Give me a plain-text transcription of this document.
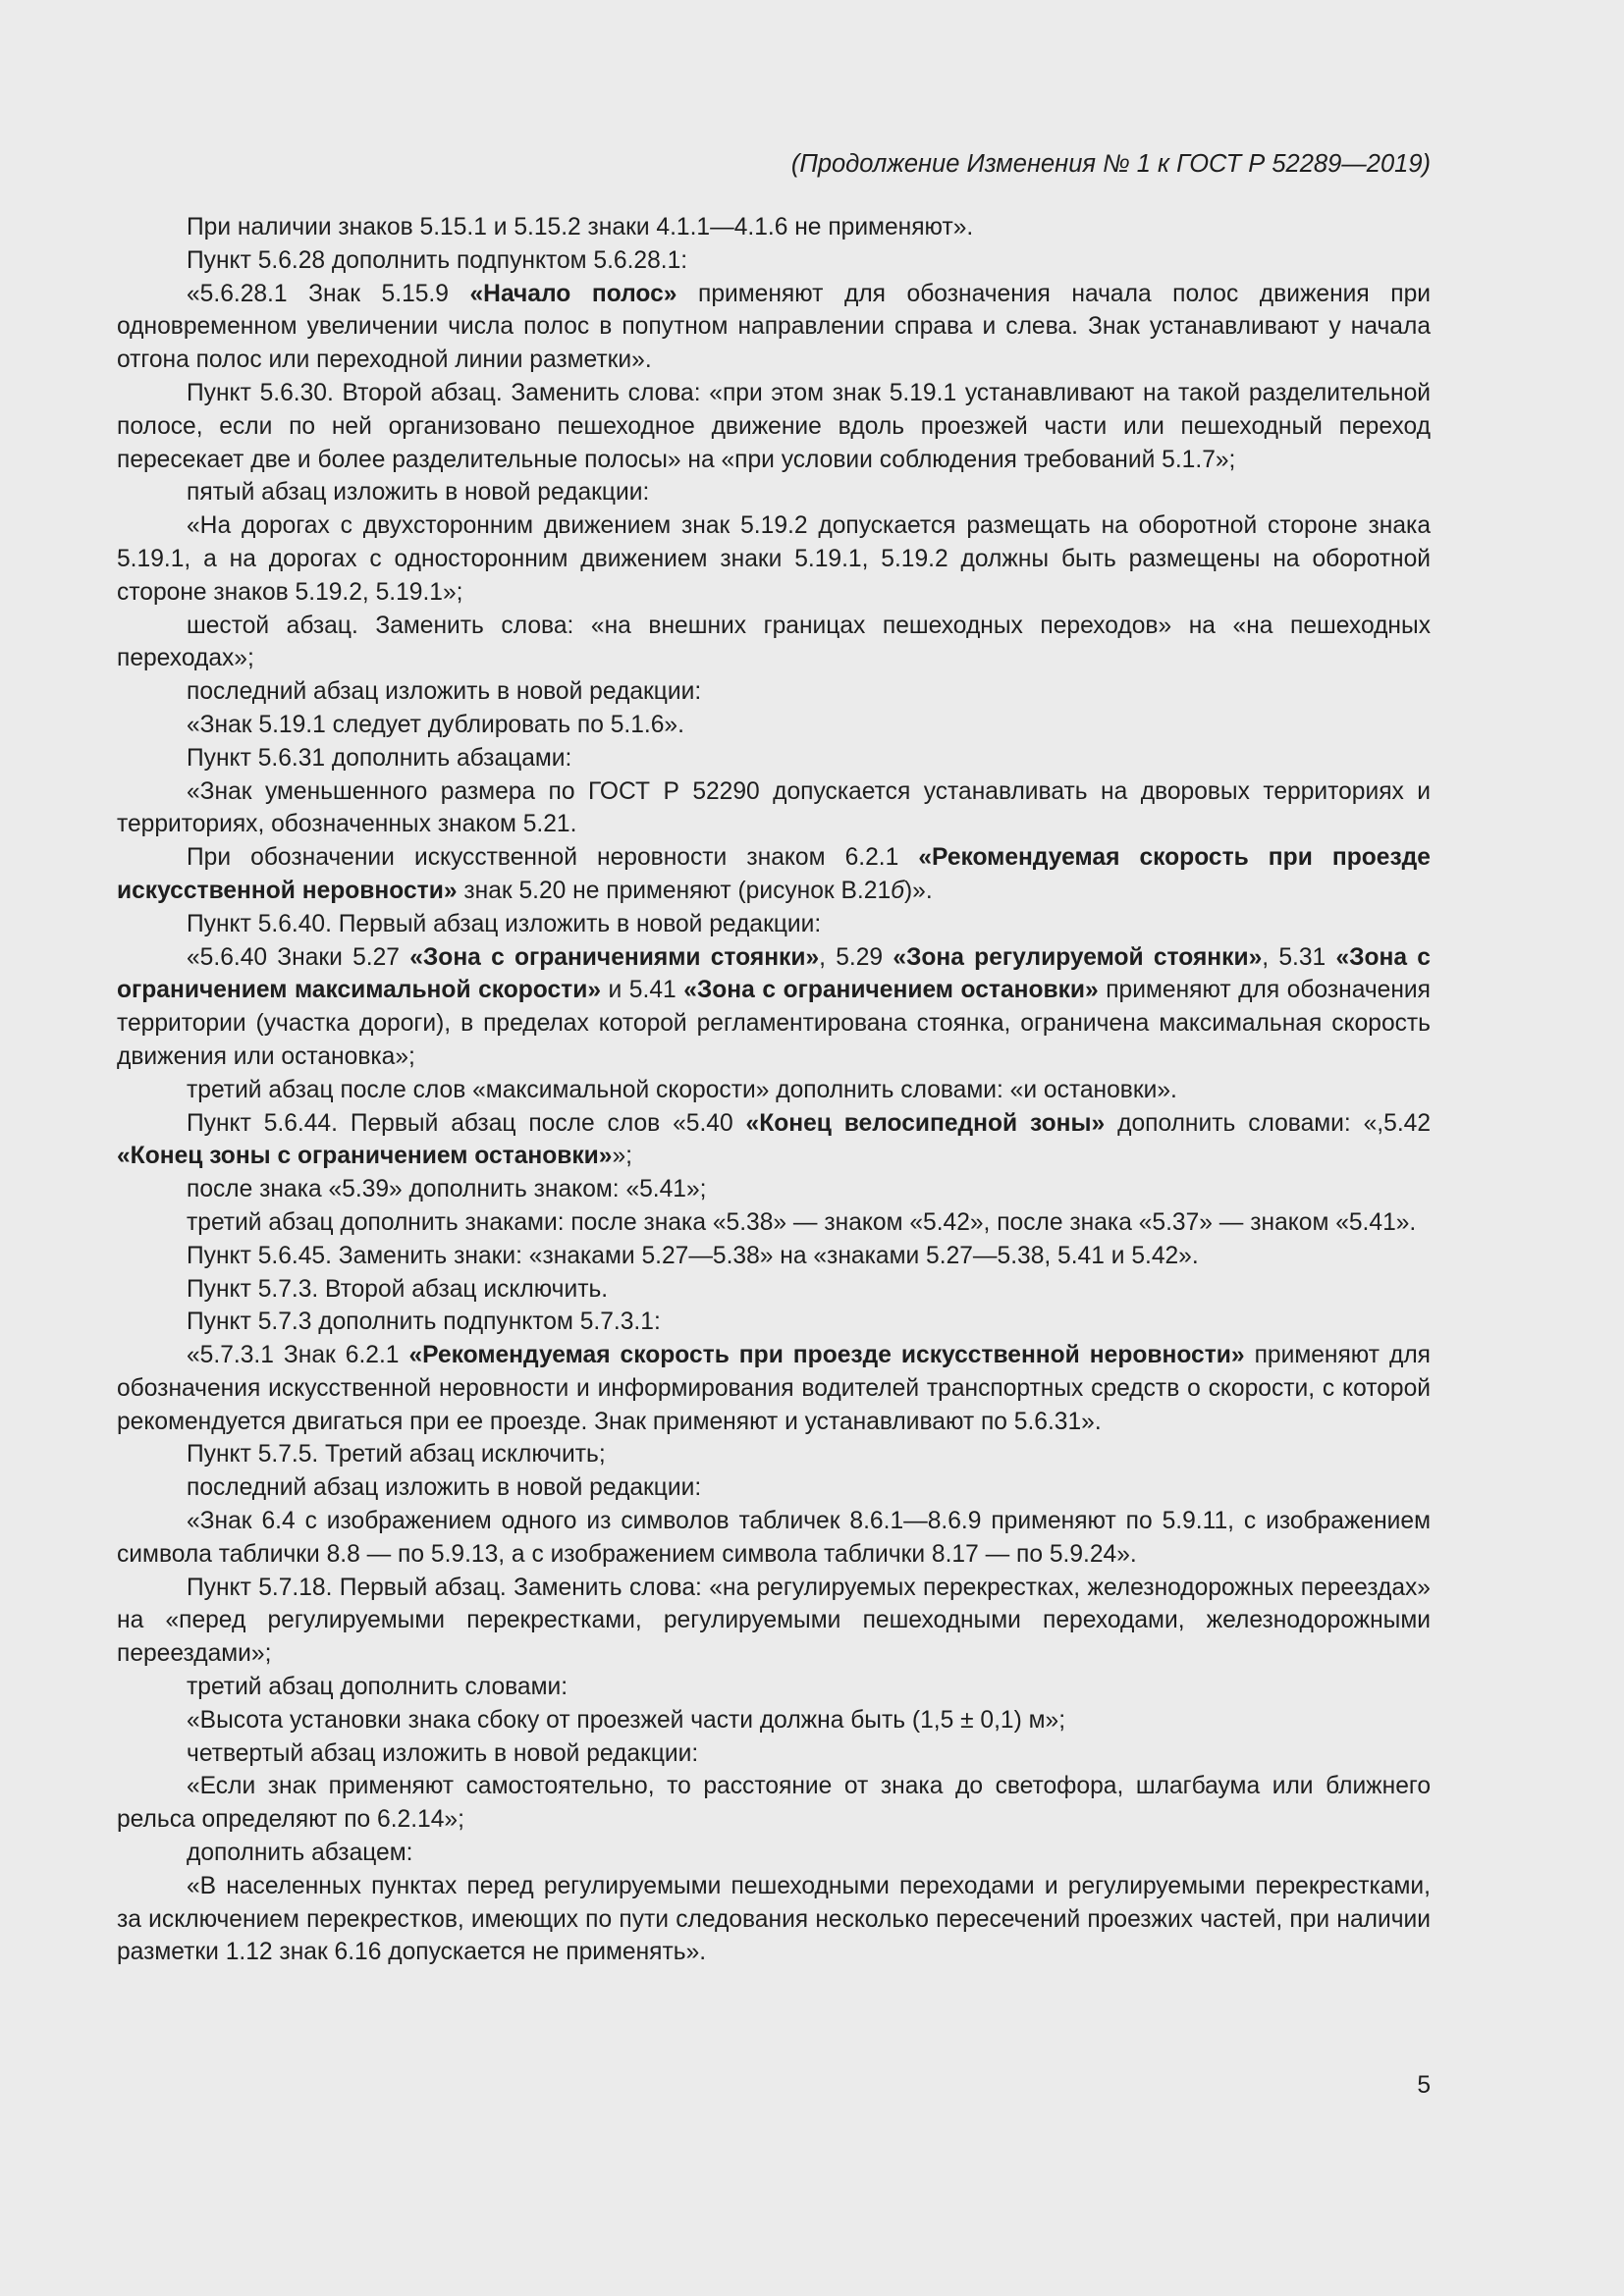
(Продолжение Изменения № 1 к ГОСТ Р 52289—2019)

При наличии знаков 5.15.1 и 5.15.2 знаки 4.1.1—4.1.6 не применяют».

Пункт 5.6.28 дополнить подпунктом 5.6.28.1:

«5.6.28.1 Знак 5.15.9 «Начало полос» применяют для обозначения начала полос движения при одновременном увеличении числа полос в попутном направлении справа и слева. Знак устанавливают у начала отгона полос или переходной линии разметки».

Пункт 5.6.30. Второй абзац. Заменить слова: «при этом знак 5.19.1 устанавливают на такой разделительной полосе, если по ней организовано пешеходное движение вдоль проезжей части или пешеходный переход пересекает две и более разделительные полосы» на «при условии соблюдения требований 5.1.7»;

пятый абзац изложить в новой редакции:

«На дорогах с двухсторонним движением знак 5.19.2 допускается размещать на оборотной стороне знака 5.19.1, а на дорогах с односторонним движением знаки 5.19.1, 5.19.2 должны быть размещены на оборотной стороне знаков 5.19.2, 5.19.1»;

шестой абзац. Заменить слова: «на внешних границах пешеходных переходов» на «на пешеходных переходах»;

последний абзац изложить в новой редакции:

«Знак 5.19.1 следует дублировать по 5.1.6».

Пункт 5.6.31 дополнить абзацами:

«Знак уменьшенного размера по ГОСТ Р 52290 допускается устанавливать на дворовых территориях и территориях, обозначенных знаком 5.21.

При обозначении искусственной неровности знаком 6.2.1 «Рекомендуемая скорость при проезде искусственной неровности» знак 5.20 не применяют (рисунок В.21б)».

Пункт 5.6.40. Первый абзац изложить в новой редакции:

«5.6.40 Знаки 5.27 «Зона с ограничениями стоянки», 5.29 «Зона регулируемой стоянки», 5.31 «Зона с ограничением максимальной скорости» и 5.41 «Зона с ограничением остановки» применяют для обозначения территории (участка дороги), в пределах которой регламентирована стоянка, ограничена максимальная скорость движения или остановка»;

третий абзац после слов «максимальной скорости» дополнить словами: «и остановки».

Пункт 5.6.44. Первый абзац после слов «5.40 «Конец велосипедной зоны» дополнить словами: «,5.42 «Конец зоны с ограничением остановки»»;

после знака «5.39» дополнить знаком: «5.41»;

третий абзац дополнить знаками: после знака «5.38» — знаком «5.42», после знака «5.37» — знаком «5.41».

Пункт 5.6.45. Заменить знаки: «знаками 5.27—5.38» на «знаками 5.27—5.38, 5.41 и 5.42».

Пункт 5.7.3. Второй абзац исключить.

Пункт 5.7.3 дополнить подпунктом 5.7.3.1:

«5.7.3.1 Знак 6.2.1 «Рекомендуемая скорость при проезде искусственной неровности» применяют для обозначения искусственной неровности и информирования водителей транспортных средств о скорости, с которой рекомендуется двигаться при ее проезде. Знак применяют и устанавливают по 5.6.31».

Пункт 5.7.5. Третий абзац исключить;

последний абзац изложить в новой редакции:

«Знак 6.4 с изображением одного из символов табличек 8.6.1—8.6.9 применяют по 5.9.11, с изображением символа таблички 8.8 — по 5.9.13, а с изображением символа таблички 8.17 — по 5.9.24».

Пункт 5.7.18. Первый абзац. Заменить слова: «на регулируемых перекрестках, железнодорожных переездах» на «перед регулируемыми перекрестками, регулируемыми пешеходными переходами, железнодорожными переездами»;

третий абзац дополнить словами:

«Высота установки знака сбоку от проезжей части должна быть (1,5 ± 0,1) м»;

четвертый абзац изложить в новой редакции:

«Если знак применяют самостоятельно, то расстояние от знака до светофора, шлагбаума или ближнего рельса определяют по 6.2.14»;

дополнить абзацем:

«В населенных пунктах перед регулируемыми пешеходными переходами и регулируемыми перекрестками, за исключением перекрестков, имеющих по пути следования несколько пересечений проезжих частей, при наличии разметки 1.12 знак 6.16 допускается не применять».

5
